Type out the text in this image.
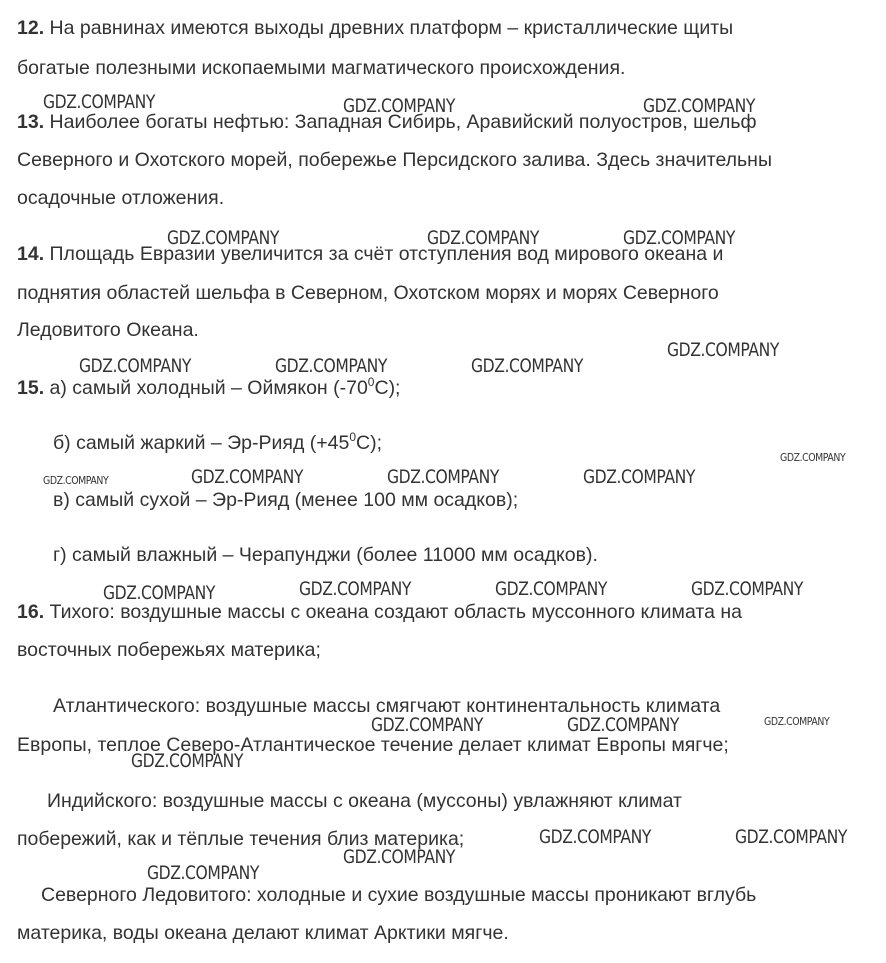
12. На равнинах имеются выходы древних платформ – кристаллические щиты
богатые полезными ископаемыми магматического происхождения.
13. Наиболее богаты нефтью: Западная Сибирь, Аравийский полуостров, шельф
Северного и Охотского морей, побережье Персидского залива. Здесь значительны
осадочные отложения.
14. Площадь Евразии увеличится за счёт отступления вод мирового океана и
поднятия областей шельфа в Северном, Охотском морях и морях Северного
Ледовитого Океана.
15. а) самый холодный – Оймякон $(-70^0С)$;
б) самый жаркий – Эр-Рияд $(+45^0С)$;
в) самый сухой – Эр-Рияд (менее 100 мм осадков);
г) самый влажный – Черапунджи (более 11000 мм осадков).
16. Тихого: воздушные массы с океана создают область муссонного климата на
восточных побережьях материка;
Атлантического: воздушные массы смягчают континентальность климата
Европы, теплое Северо-Атлантическое течение делает климат Европы мягче;
Индийского: воздушные массы с океана (муссоны) увлажняют климат
побережий, как и тёплые течения близ материка;
Северного Ледовитого: холодные и сухие воздушные массы проникают вглубь
материка, воды океана делают климат Арктики мягче.
GDZ.COMPANY	GDZ.COMPANY	GDZ.COMPANY
GDZ.COMPANY	GDZ.COMPANY	GDZ.COMPANY
GDZ.COMPANY
GDZ.COMPANY	GDZ.COMPANY	GDZ.COMPANY
GDZ.COMPANY
GDZ.COMPANY	GDZ.COMPANY	GDZ.COMPANY	GDZ.COMPANY
GDZ.COMPANY	GDZ.COMPANY	GDZ.COMPANY	GDZ.COMPANY
GDZ.COMPANY	GDZ.COMPANY	GDZ.COMPANY
GDZ.COMPANY
GDZ.COMPANY	GDZ.COMPANY
GDZ.COMPANY
GDZ.COMPANY
